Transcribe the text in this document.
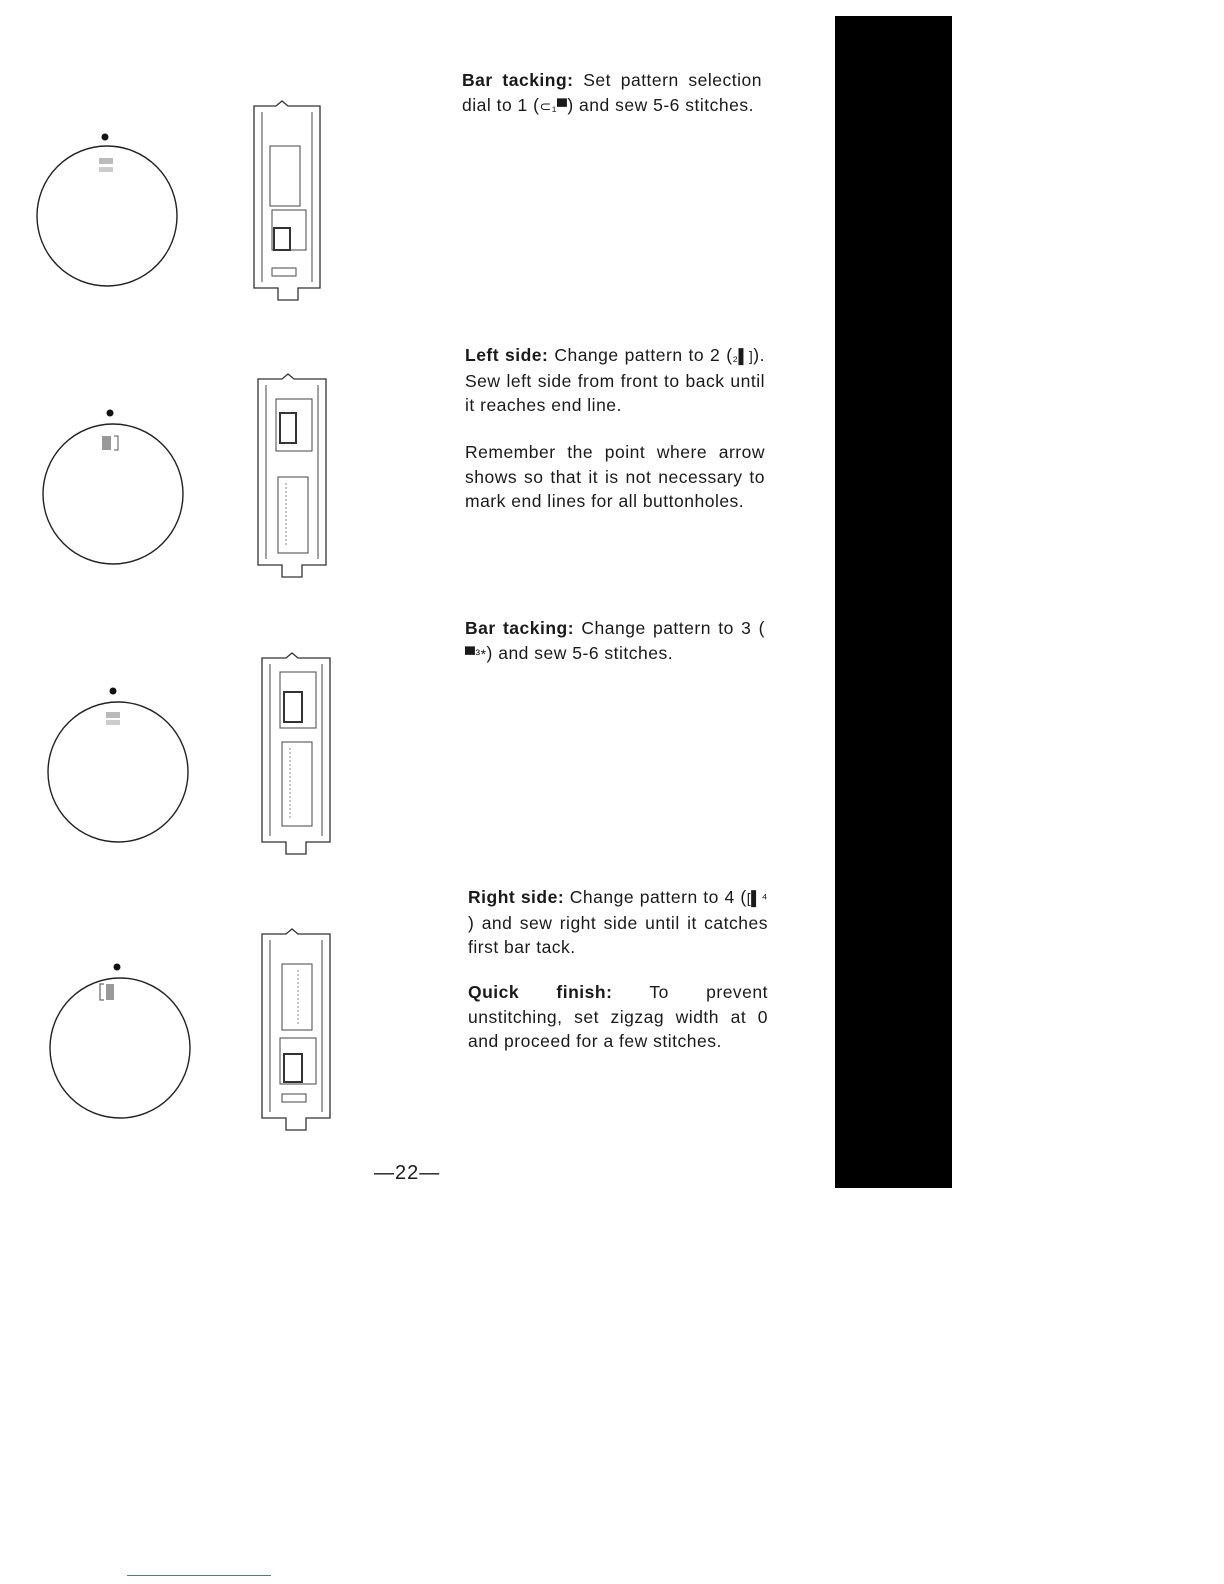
Bar tacking: Set pattern selection dial to 1 (⊂₁▀) and sew 5-6 stitches.
Left side: Change pattern to 2 (₂▌]). Sew left side from front to back until it reaches end line.
Remember the point where arrow shows so that it is not necessary to mark end lines for all buttonholes.
Bar tacking: Change pattern to 3 (▀³*) and sew 5-6 stitches.
Right side: Change pattern to 4 ([▌⁴) and sew right side until it catches first bar tack.
Quick finish: To prevent unstitching, set zigzag width at 0 and proceed for a few stitches.
—22—
